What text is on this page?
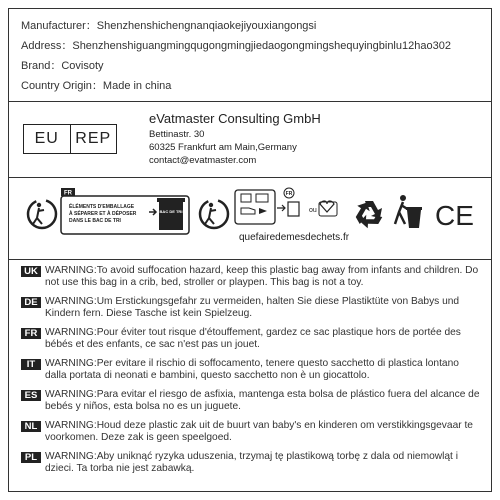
Manufacturer：Shenzhenshichengnanqiaokejiyouxiangongsi
Address：Shenzhenshiguangmingqugongmingjiedaogongmingshequyingbinlu12hao302
Brand：Covisoty
Country Origin：Made in china
EU	REP
eVatmaster Consulting GmbH
Bettinastr. 30
60325 Frankfurt am Main,Germany
contact@evatmaster.com
FR
ÉLÉMENTS D'EMBALLAGE
À SÉPARER ET À DÉPOSER
DANS LE BAC DE TRI
BAC DE TRI
FR
ou	CE
quefairedemesdechets.fr
UK WARNING:To avoid suffocation hazard, keep this plastic bag away from infants and children. Do not use this bag in a crib, bed, stroller or playpen. This bag is not a toy.
DE WARNING:Um Erstickungsgefahr zu vermeiden, halten Sie diese Plastiktüte von Babys und Kindern fern. Diese Tasche ist kein Spielzeug.
FR WARNING:Pour éviter tout risque d'étouffement, gardez ce sac plastique hors de portée des bébés et des enfants, ce sac n'est pas un jouet.
IT WARNING:Per evitare il rischio di soffocamento, tenere questo sacchetto di plastica lontano dalla portata di neonati e bambini, questo sacchetto non è un giocattolo.
ES WARNING:Para evitar el riesgo de asfixia, mantenga esta bolsa de plástico fuera del alcance de bebés y niños, esta bolsa no es un juguete.
NL WARNING:Houd deze plastic zak uit de buurt van baby's en kinderen om verstikkingsgevaar te voorkomen. Deze zak is geen speelgoed.
PL WARNING:Aby uniknąć ryzyka uduszenia, trzymaj tę plastikową torbę z dala od niemowląt i dzieci. Ta torba nie jest zabawką.
